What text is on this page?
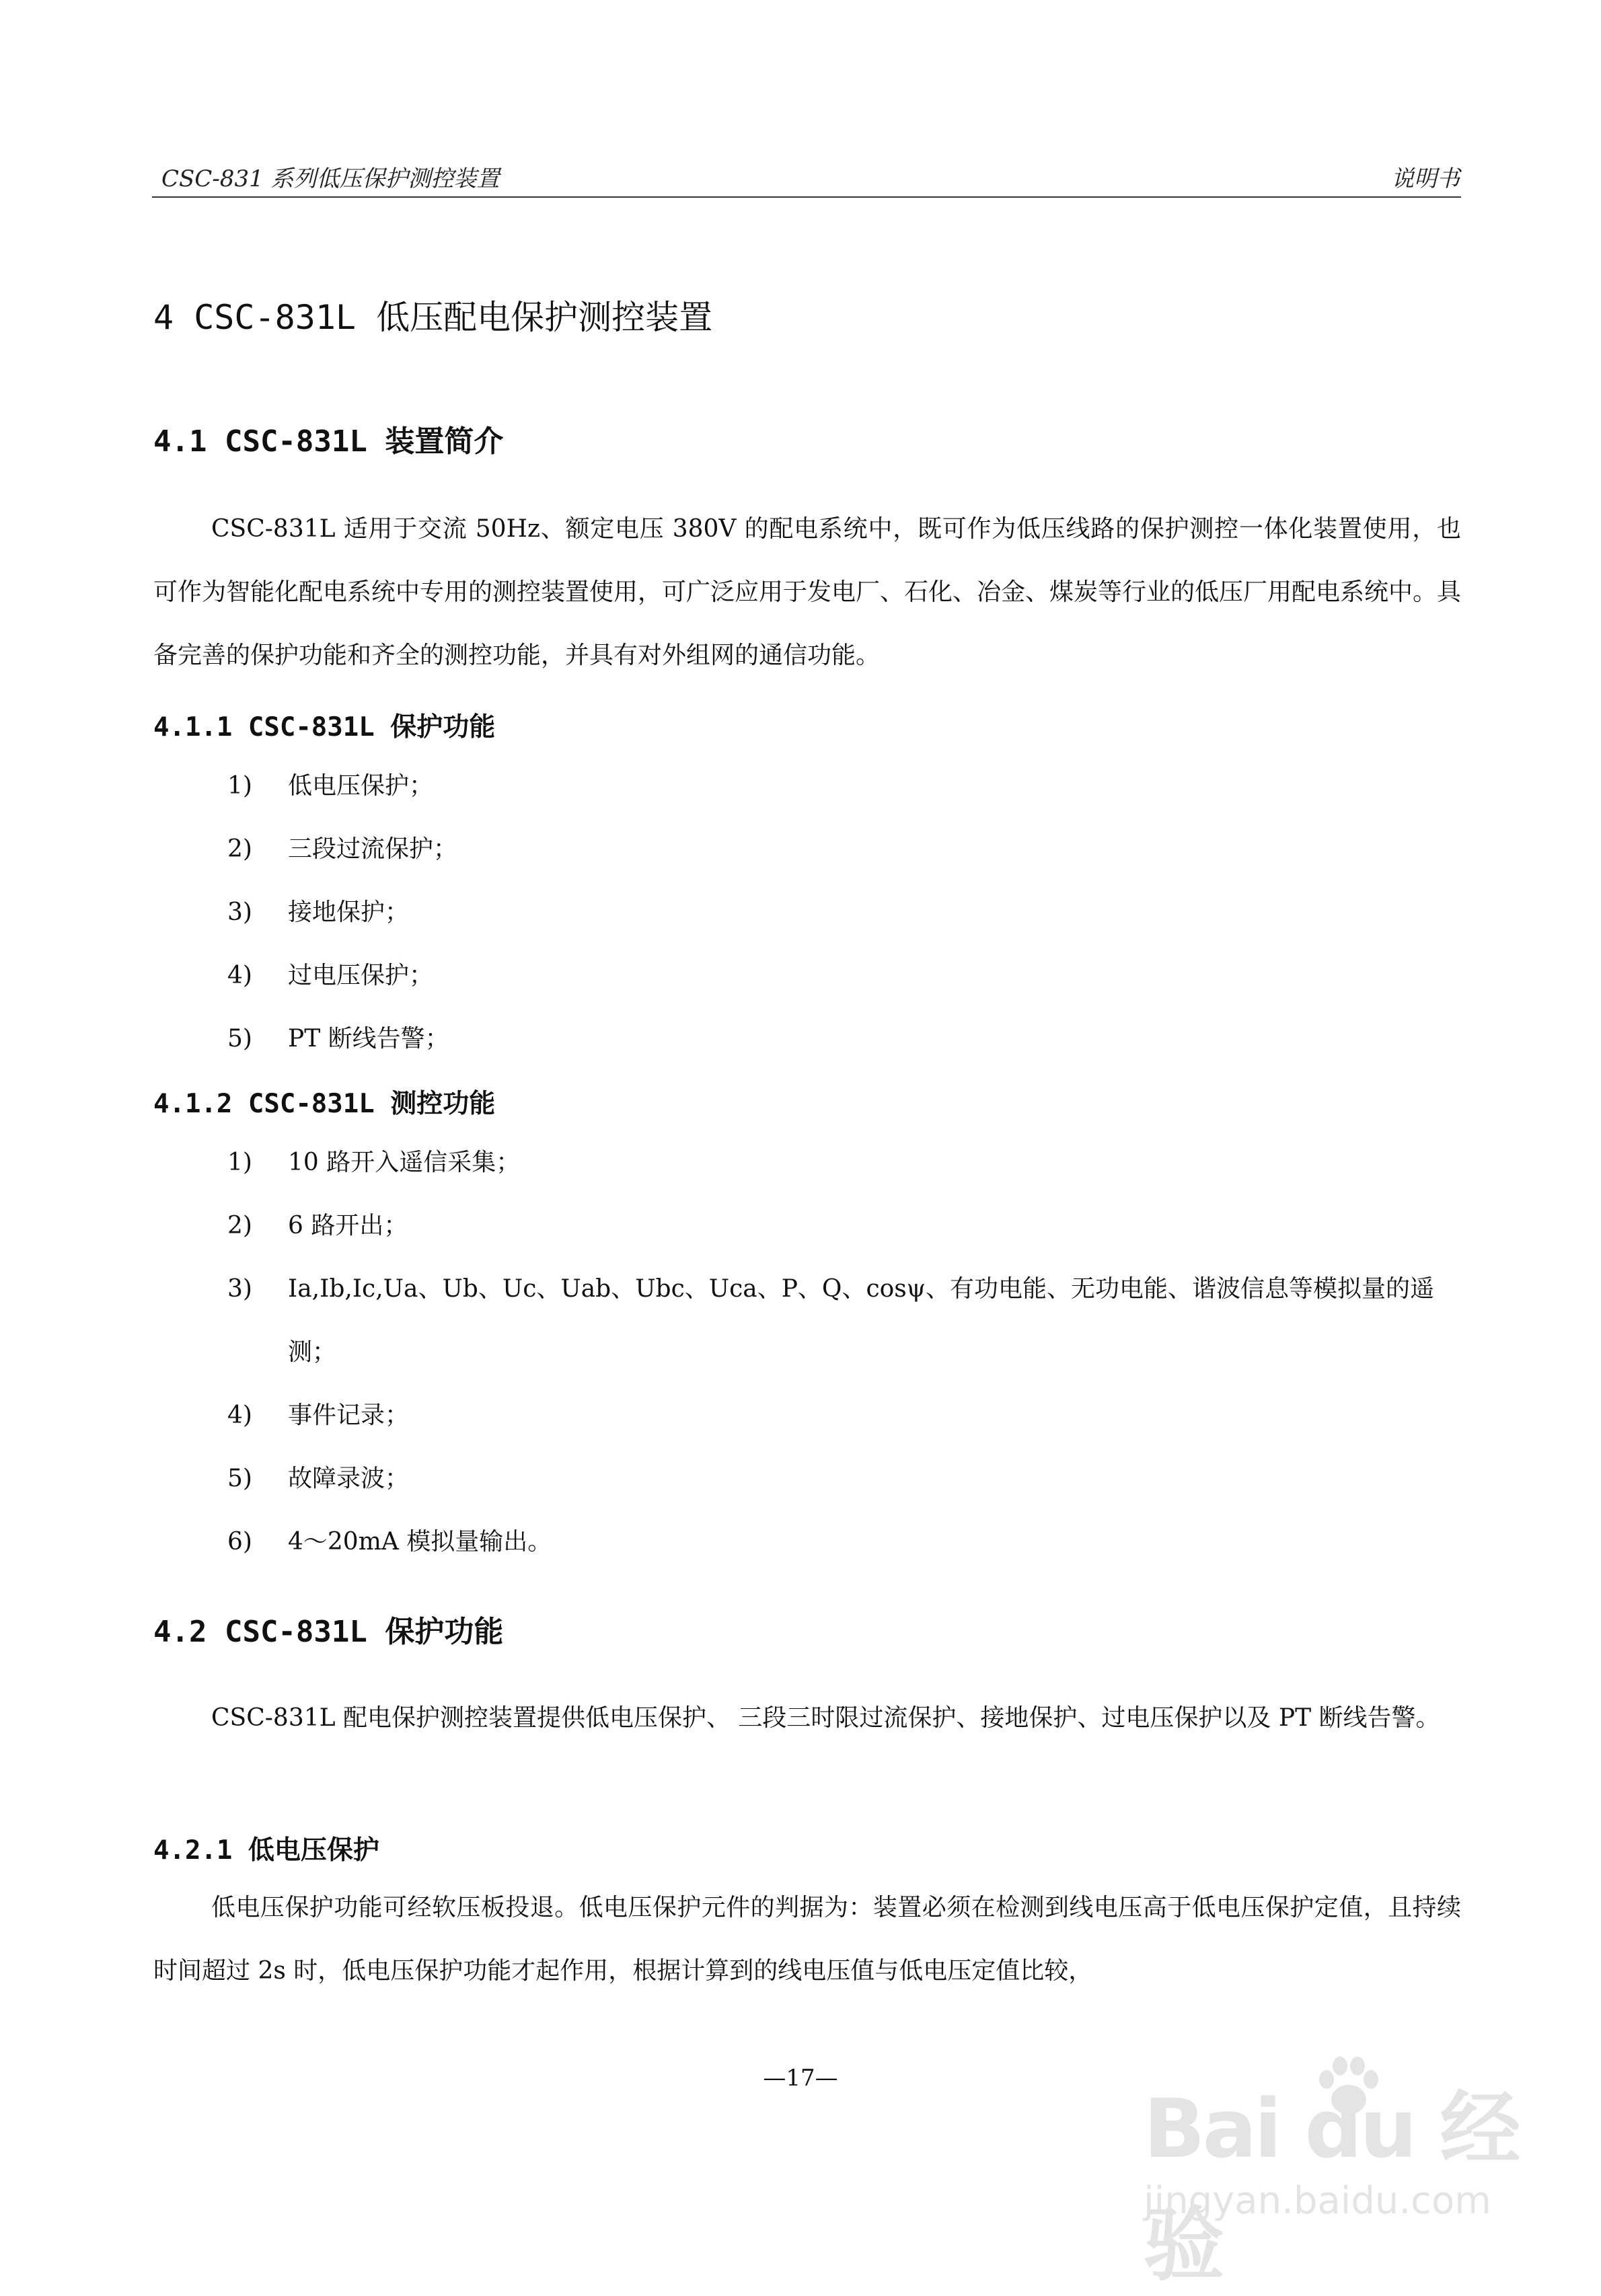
CSC-831 系列低压保护测控装置	说明书
4 CSC-831L 低压配电保护测控装置
4.1 CSC-831L 装置简介

CSC-831L 适用于交流 50Hz、额定电压 380V 的配电系统中，既可作为低压线路的保护测控一体化装置使用，也可作为智能化配电系统中专用的测控装置使用，可广泛应用于发电厂、石化、冶金、煤炭等行业的低压厂用配电系统中。具备完善的保护功能和齐全的测控功能，并具有对外组网的通信功能。

4.1.1 CSC-831L 保护功能
1) 低电压保护；
2) 三段过流保护；
3) 接地保护；
4) 过电压保护；
5) PT 断线告警；
4.1.2 CSC-831L 测控功能
1) 10 路开入遥信采集；
2) 6 路开出；
3) Ia,Ib,Ic,Ua、Ub、Uc、Uab、Ubc、Uca、P、Q、cosψ、有功电能、无功电能、谐波信息等模拟量的遥测；
4) 事件记录；
5) 故障录波；
6) 4～20mA 模拟量输出。
4.2 CSC-831L 保护功能

CSC-831L 配电保护测控装置提供低电压保护、 三段三时限过流保护、接地保护、过电压保护以及 PT 断线告警。

4.2.1 低电压保护

低电压保护功能可经软压板投退。低电压保护元件的判据为：装置必须在检测到线电压高于低电压保护定值，且持续时间超过 2s 时，低电压保护功能才起作用，根据计算到的线电压值与低电压定值比较，

—17—
Bai du 经验
jingyan.baidu.com
